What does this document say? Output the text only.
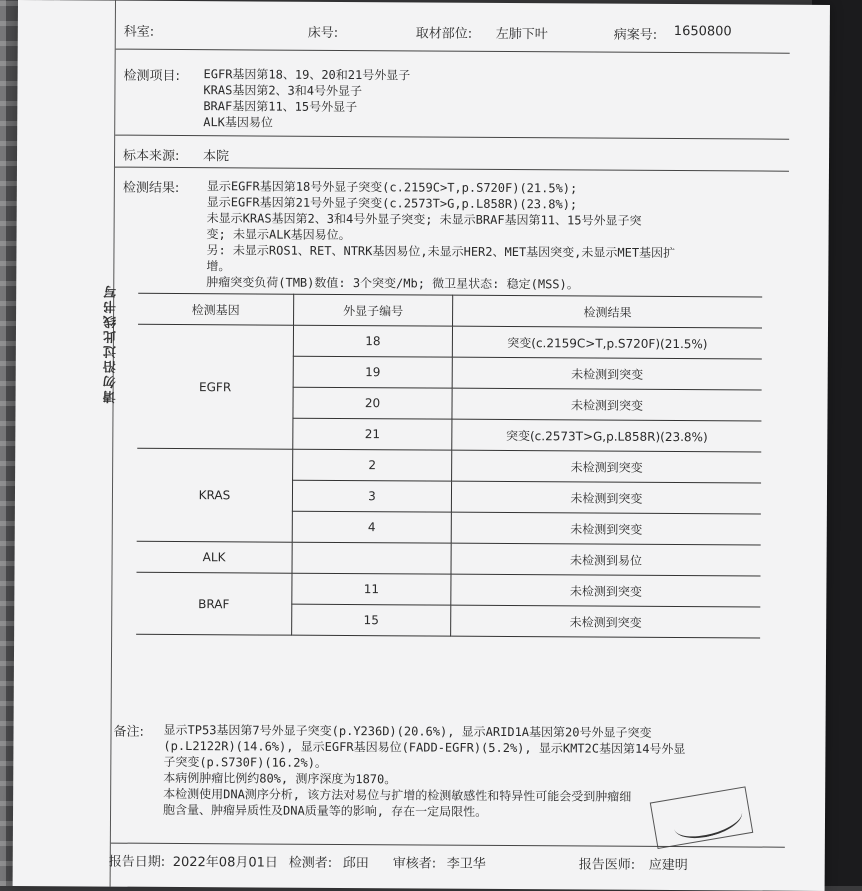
请勿沿过此线书写
科室:	床号:	取材部位: 左肺下叶	病案号: 1650800
检测项目: EGFR基因第18、19、20和21号外显子
KRAS基因第2、3和4号外显子
BRAF基因第11、15号外显子
ALK基因易位
标本来源: 本院
检测结果: 显示EGFR基因第18号外显子突变(c.2159C>T,p.S720F)(21.5%);
显示EGFR基因第21号外显子突变(c.2573T>G,p.L858R)(23.8%);
未显示KRAS基因第2、3和4号外显子突变; 未显示BRAF基因第11、15号外显子突
变; 未显示ALK基因易位。
另: 未显示ROS1、RET、NTRK基因易位,未显示HER2、MET基因突变,未显示MET基因扩
增。
肿瘤突变负荷(TMB)数值: 3个突变/Mb; 微卫星状态: 稳定(MSS)。
检测基因	外显子编号	检测结果
EGFR	18	突变(c.2159C>T,p.S720F)(21.5%)
	19	未检测到突变
	20	未检测到突变
	21	突变(c.2573T>G,p.L858R)(23.8%)
KRAS	2	未检测到突变
	3	未检测到突变
	4	未检测到突变
ALK		未检测到易位
BRAF	11	未检测到突变
	15	未检测到突变
备注: 显示TP53基因第7号外显子突变(p.Y236D)(20.6%), 显示ARID1A基因第20号外显子突变
(p.L2122R)(14.6%), 显示EGFR基因易位(FADD-EGFR)(5.2%), 显示KMT2C基因第14号外显
子突变(p.S730F)(16.2%)。
本病例肿瘤比例约80%, 测序深度为1870。
本检测使用DNA测序分析, 该方法对易位与扩增的检测敏感性和特异性可能会受到肿瘤细
胞含量、肿瘤异质性及DNA质量等的影响, 存在一定局限性。
报告日期: 2022年08月01日 检测者: 邱田 审核者: 李卫华	报告医师: 应建明
